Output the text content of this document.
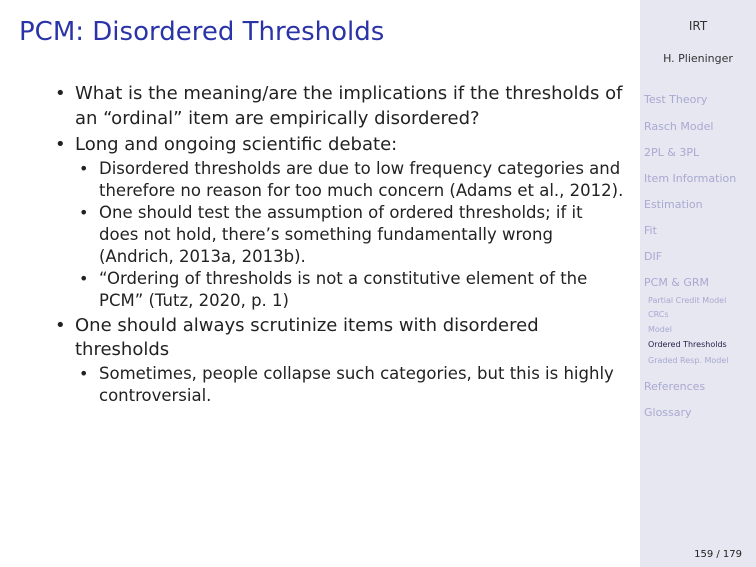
PCM: Disordered Thresholds
• What is the meaning/are the implications if the thresholds of an “ordinal” item are empirically disordered?
• Long and ongoing scientific debate:
• Disordered thresholds are due to low frequency categories and therefore no reason for too much concern (Adams et al., 2012).
• One should test the assumption of ordered thresholds; if it does not hold, there’s something fundamentally wrong (Andrich, 2013a, 2013b).
• “Ordering of thresholds is not a constitutive element of the PCM” (Tutz, 2020, p. 1)
• One should always scrutinize items with disordered thresholds
• Sometimes, people collapse such categories, but this is highly controversial.
IRT
H. Plieninger
Test Theory
Rasch Model
2PL & 3PL
Item Information
Estimation
Fit
DIF
PCM & GRM
Partial Credit Model
CRCs
Model
Ordered Thresholds
Graded Resp. Model
References
Glossary
159 / 179
